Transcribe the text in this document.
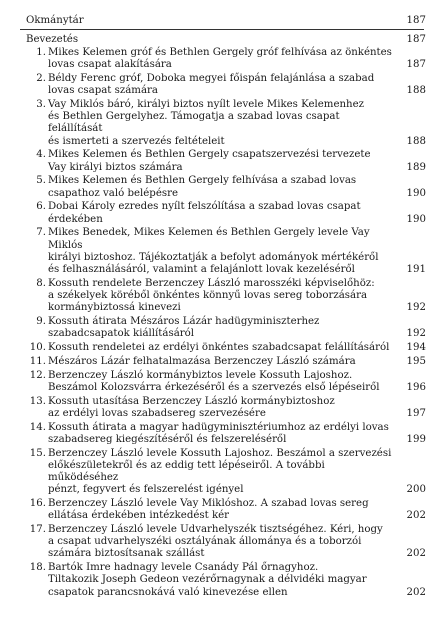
Okmánytár	187
Bevezetés	187
1. Mikes Kelemen gróf és Bethlen Gergely gróf felhívása az önkéntes
lovas csapat alakítására	187
2. Béldy Ferenc gróf, Doboka megyei főispán felajánlása a szabad
lovas csapat számára	188
3. Vay Miklós báró, királyi biztos nyílt levele Mikes Kelemenhez
és Bethlen Gergelyhez. Támogatja a szabad lovas csapat felállítását
és ismerteti a szervezés feltételeit	188
4. Mikes Kelemen és Bethlen Gergely csapatszervezési tervezete
Vay királyi biztos számára	189
5. Mikes Kelemen és Bethlen Gergely felhívása a szabad lovas
csapathoz való belépésre	190
6. Dobai Károly ezredes nyílt felszólítása a szabad lovas csapat
érdekében	190
7. Mikes Benedek, Mikes Kelemen és Bethlen Gergely levele Vay Miklós
királyi biztoshoz. Tájékoztatják a befolyt adományok mértékéről
és felhasználásáról, valamint a felajánlott lovak kezeléséről	191
8. Kossuth rendelete Berzenczey László marosszéki képviselőhöz:
a székelyek köréből önkéntes könnyű lovas sereg toborzására
kormánybiztossá kinevezi	192
9. Kossuth átirata Mészáros Lázár hadügyminiszterhez
szabadcsapatok kiállításáról	192
10. Kossuth rendeletei az erdélyi önkéntes szabadcsapat felállításáról	194
11. Mészáros Lázár felhatalmazása Berzenczey László számára	195
12. Berzenczey László kormánybiztos levele Kossuth Lajoshoz.
Beszámol Kolozsvárra érkezéséről és a szervezés első lépéseiről	196
13. Kossuth utasítása Berzenczey László kormánybiztoshoz
az erdélyi lovas szabadsereg szervezésére	197
14. Kossuth átirata a magyar hadügyminisztériumhoz az erdélyi lovas
szabadsereg kiegészítéséről és felszereléséről	199
15. Berzenczey László levele Kossuth Lajoshoz. Beszámol a szervezési
előkészületekről és az eddig tett lépéseiről. A további működéséhez
pénzt, fegyvert és felszerelést igényel	200
16. Berzenczey László levele Vay Miklóshoz. A szabad lovas sereg
ellátása érdekében intézkedést kér	202
17. Berzenczey László levele Udvarhelyszék tisztségéhez. Kéri, hogy
a csapat udvarhelyszéki osztályának állománya és a toborzói
számára biztosítsanak szállást	202
18. Bartók Imre hadnagy levele Csanády Pál őrnagyhoz.
Tiltakozik Joseph Gedeon vezérőrnagynak a délvidéki magyar
csapatok parancsnokává való kinevezése ellen	202
